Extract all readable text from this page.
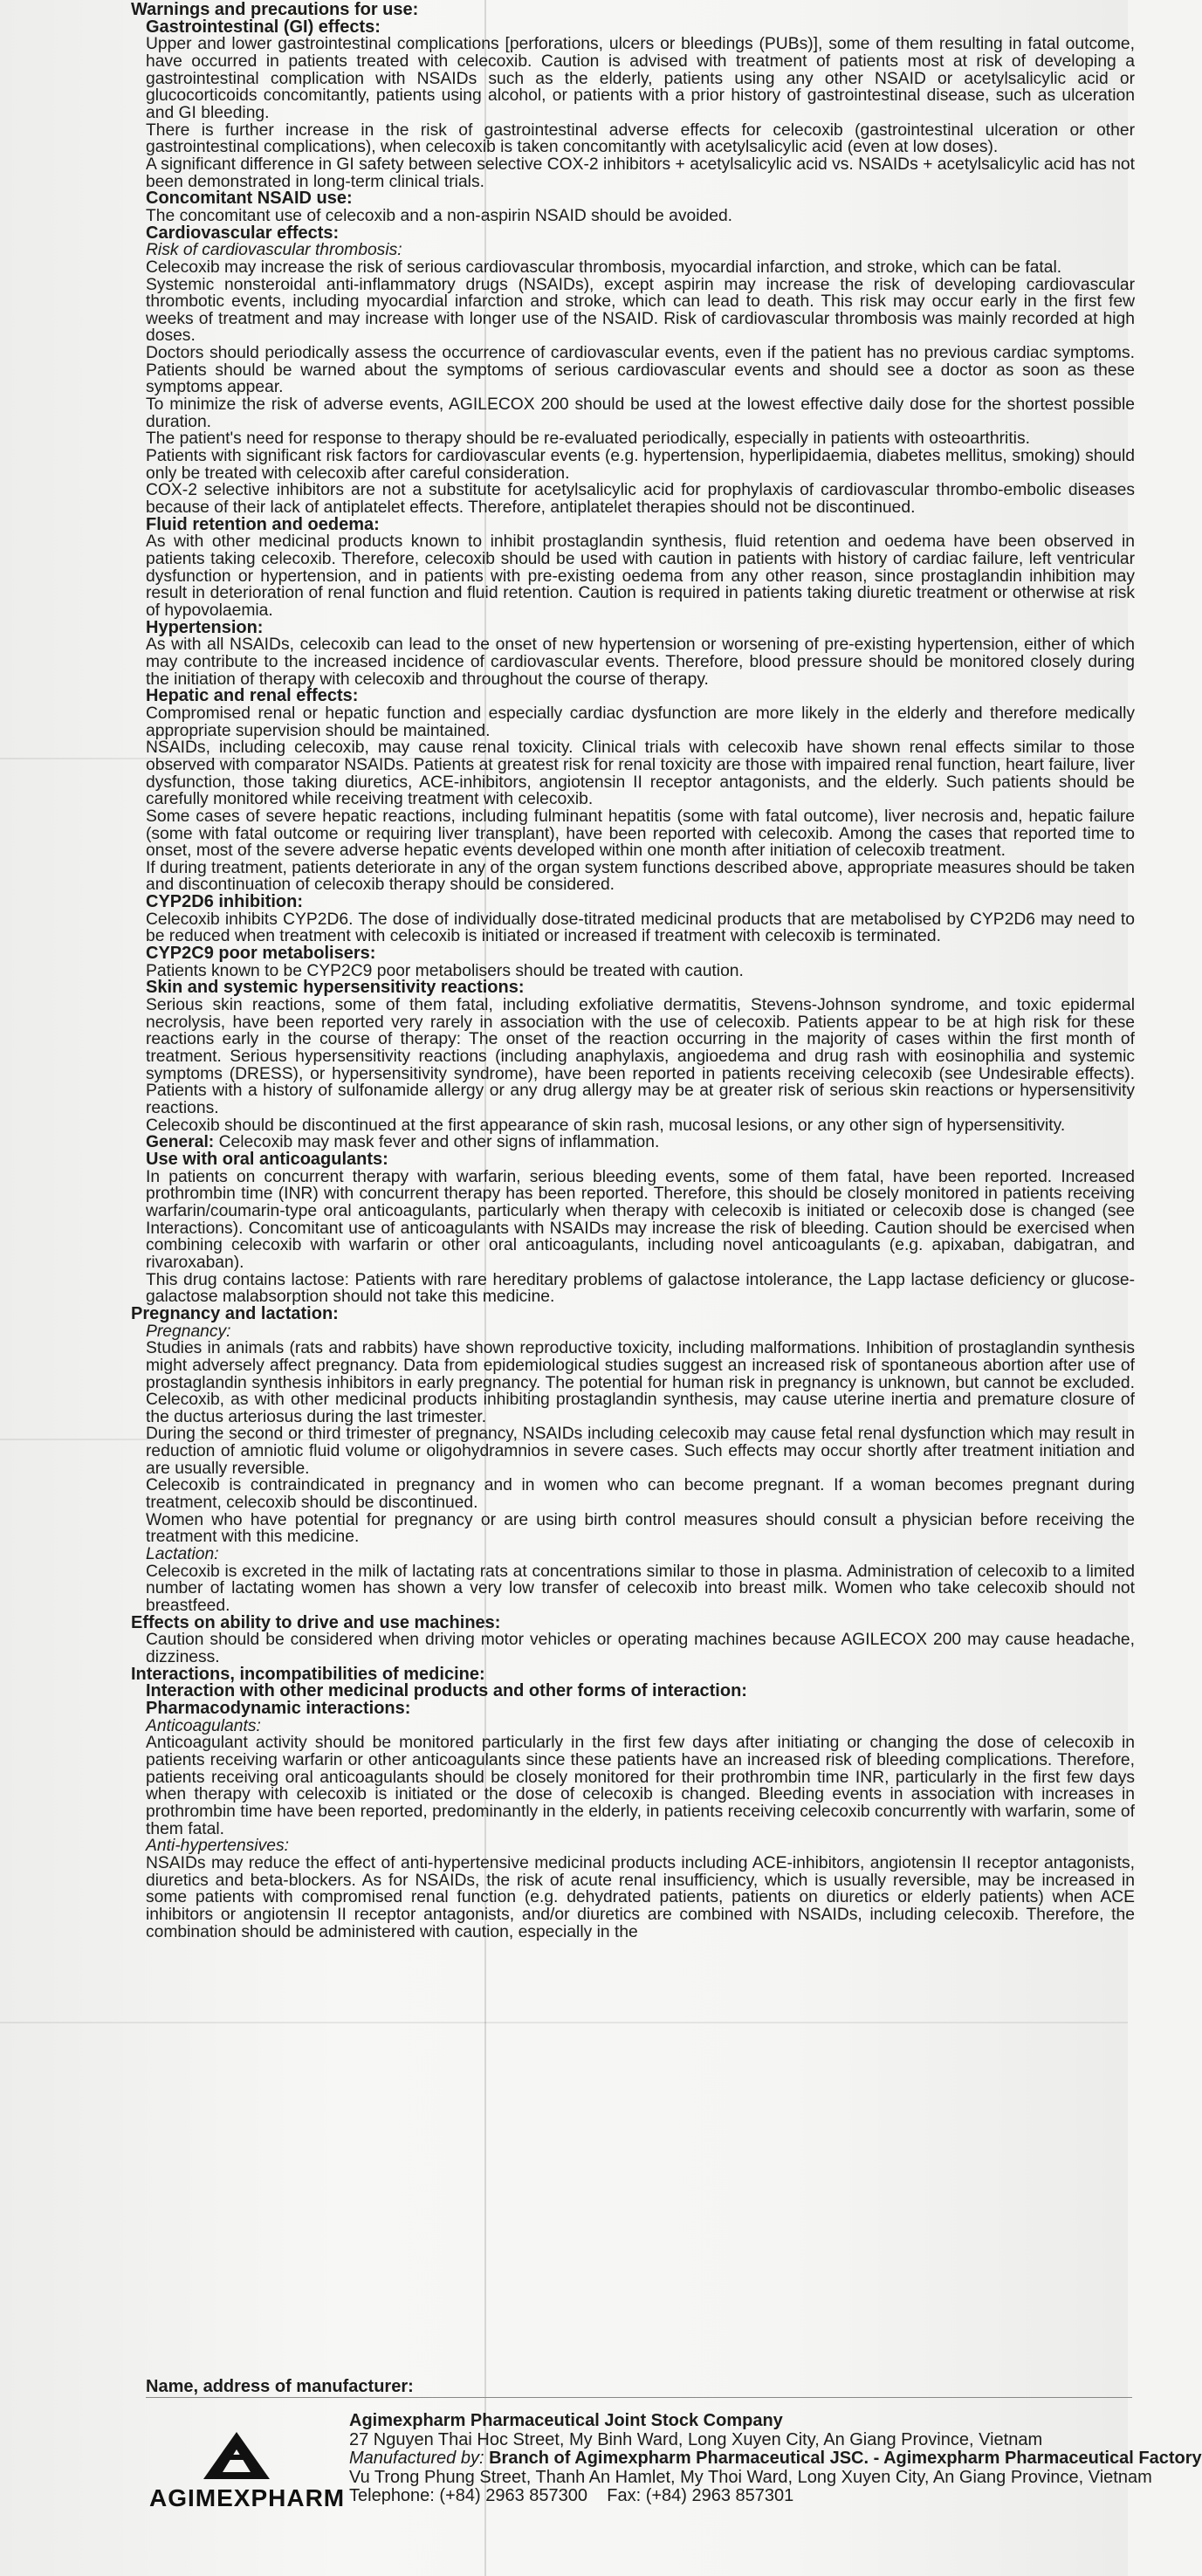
Warnings and precautions for use:

Gastrointestinal (GI) effects:

Upper and lower gastrointestinal complications [perforations, ulcers or bleedings (PUBs)], some of them resulting in fatal outcome, have occurred in patients treated with celecoxib. Caution is advised with treatment of patients most at risk of developing a gastrointestinal complication with NSAIDs such as the elderly, patients using any other NSAID or acetylsalicylic acid or glucocorticoids concomitantly, patients using alcohol, or patients with a prior history of gastrointestinal disease, such as ulceration and GI bleeding.

There is further increase in the risk of gastrointestinal adverse effects for celecoxib (gastrointestinal ulceration or other gastrointestinal complications), when celecoxib is taken concomitantly with acetylsalicylic acid (even at low doses).

A significant difference in GI safety between selective COX-2 inhibitors + acetylsalicylic acid vs. NSAIDs + acetylsalicylic acid has not been demonstrated in long-term clinical trials.

Concomitant NSAID use:

The concomitant use of celecoxib and a non-aspirin NSAID should be avoided.

Cardiovascular effects:

Risk of cardiovascular thrombosis:

Celecoxib may increase the risk of serious cardiovascular thrombosis, myocardial infarction, and stroke, which can be fatal.

Systemic nonsteroidal anti-inflammatory drugs (NSAIDs), except aspirin may increase the risk of developing cardiovascular thrombotic events, including myocardial infarction and stroke, which can lead to death. This risk may occur early in the first few weeks of treatment and may increase with longer use of the NSAID. Risk of cardiovascular thrombosis was mainly recorded at high doses.

Doctors should periodically assess the occurrence of cardiovascular events, even if the patient has no previous cardiac symptoms. Patients should be warned about the symptoms of serious cardiovascular events and should see a doctor as soon as these symptoms appear.

To minimize the risk of adverse events, AGILECOX 200 should be used at the lowest effective daily dose for the shortest possible duration.

The patient's need for response to therapy should be re-evaluated periodically, especially in patients with osteoarthritis.

Patients with significant risk factors for cardiovascular events (e.g. hypertension, hyperlipidaemia, diabetes mellitus, smoking) should only be treated with celecoxib after careful consideration.

COX-2 selective inhibitors are not a substitute for acetylsalicylic acid for prophylaxis of cardiovascular thrombo-embolic diseases because of their lack of antiplatelet effects. Therefore, antiplatelet therapies should not be discontinued.

Fluid retention and oedema:

As with other medicinal products known to inhibit prostaglandin synthesis, fluid retention and oedema have been observed in patients taking celecoxib. Therefore, celecoxib should be used with caution in patients with history of cardiac failure, left ventricular dysfunction or hypertension, and in patients with pre-existing oedema from any other reason, since prostaglandin inhibition may result in deterioration of renal function and fluid retention. Caution is required in patients taking diuretic treatment or otherwise at risk of hypovolaemia.

Hypertension:

As with all NSAIDs, celecoxib can lead to the onset of new hypertension or worsening of pre-existing hypertension, either of which may contribute to the increased incidence of cardiovascular events. Therefore, blood pressure should be monitored closely during the initiation of therapy with celecoxib and throughout the course of therapy.

Hepatic and renal effects:

Compromised renal or hepatic function and especially cardiac dysfunction are more likely in the elderly and therefore medically appropriate supervision should be maintained.

NSAIDs, including celecoxib, may cause renal toxicity. Clinical trials with celecoxib have shown renal effects similar to those observed with comparator NSAIDs. Patients at greatest risk for renal toxicity are those with impaired renal function, heart failure, liver dysfunction, those taking diuretics, ACE-inhibitors, angiotensin II receptor antagonists, and the elderly. Such patients should be carefully monitored while receiving treatment with celecoxib.

Some cases of severe hepatic reactions, including fulminant hepatitis (some with fatal outcome), liver necrosis and, hepatic failure (some with fatal outcome or requiring liver transplant), have been reported with celecoxib. Among the cases that reported time to onset, most of the severe adverse hepatic events developed within one month after initiation of celecoxib treatment.

If during treatment, patients deteriorate in any of the organ system functions described above, appropriate measures should be taken and discontinuation of celecoxib therapy should be considered.

CYP2D6 inhibition:

Celecoxib inhibits CYP2D6. The dose of individually dose-titrated medicinal products that are metabolised by CYP2D6 may need to be reduced when treatment with celecoxib is initiated or increased if treatment with celecoxib is terminated.

CYP2C9 poor metabolisers:

Patients known to be CYP2C9 poor metabolisers should be treated with caution.

Skin and systemic hypersensitivity reactions:

Serious skin reactions, some of them fatal, including exfoliative dermatitis, Stevens-Johnson syndrome, and toxic epidermal necrolysis, have been reported very rarely in association with the use of celecoxib. Patients appear to be at high risk for these reactions early in the course of therapy: The onset of the reaction occurring in the majority of cases within the first month of treatment. Serious hypersensitivity reactions (including anaphylaxis, angioedema and drug rash with eosinophilia and systemic symptoms (DRESS), or hypersensitivity syndrome), have been reported in patients receiving celecoxib (see Undesirable effects). Patients with a history of sulfonamide allergy or any drug allergy may be at greater risk of serious skin reactions or hypersensitivity reactions.

Celecoxib should be discontinued at the first appearance of skin rash, mucosal lesions, or any other sign of hypersensitivity.

General: Celecoxib may mask fever and other signs of inflammation.

Use with oral anticoagulants:

In patients on concurrent therapy with warfarin, serious bleeding events, some of them fatal, have been reported. Increased prothrombin time (INR) with concurrent therapy has been reported. Therefore, this should be closely monitored in patients receiving warfarin/coumarin-type oral anticoagulants, particularly when therapy with celecoxib is initiated or celecoxib dose is changed (see Interactions). Concomitant use of anticoagulants with NSAIDs may increase the risk of bleeding. Caution should be exercised when combining celecoxib with warfarin or other oral anticoagulants, including novel anticoagulants (e.g. apixaban, dabigatran, and rivaroxaban).

This drug contains lactose: Patients with rare hereditary problems of galactose intolerance, the Lapp lactase deficiency or glucose-galactose malabsorption should not take this medicine.

Pregnancy and lactation:

Pregnancy:

Studies in animals (rats and rabbits) have shown reproductive toxicity, including malformations. Inhibition of prostaglandin synthesis might adversely affect pregnancy. Data from epidemiological studies suggest an increased risk of spontaneous abortion after use of prostaglandin synthesis inhibitors in early pregnancy. The potential for human risk in pregnancy is unknown, but cannot be excluded. Celecoxib, as with other medicinal products inhibiting prostaglandin synthesis, may cause uterine inertia and premature closure of the ductus arteriosus during the last trimester.

During the second or third trimester of pregnancy, NSAIDs including celecoxib may cause fetal renal dysfunction which may result in reduction of amniotic fluid volume or oligohydramnios in severe cases. Such effects may occur shortly after treatment initiation and are usually reversible.

Celecoxib is contraindicated in pregnancy and in women who can become pregnant. If a woman becomes pregnant during treatment, celecoxib should be discontinued.

Women who have potential for pregnancy or are using birth control measures should consult a physician before receiving the treatment with this medicine.

Lactation:

Celecoxib is excreted in the milk of lactating rats at concentrations similar to those in plasma. Administration of celecoxib to a limited number of lactating women has shown a very low transfer of celecoxib into breast milk. Women who take celecoxib should not breastfeed.

Effects on ability to drive and use machines:

Caution should be considered when driving motor vehicles or operating machines because AGILECOX 200 may cause headache, dizziness.

Interactions, incompatibilities of medicine:

Interaction with other medicinal products and other forms of interaction:

Pharmacodynamic interactions:

Anticoagulants:

Anticoagulant activity should be monitored particularly in the first few days after initiating or changing the dose of celecoxib in patients receiving warfarin or other anticoagulants since these patients have an increased risk of bleeding complications. Therefore, patients receiving oral anticoagulants should be closely monitored for their prothrombin time INR, particularly in the first few days when therapy with celecoxib is initiated or the dose of celecoxib is changed. Bleeding events in association with increases in prothrombin time have been reported, predominantly in the elderly, in patients receiving celecoxib concurrently with warfarin, some of them fatal.

Anti-hypertensives:

NSAIDs may reduce the effect of anti-hypertensive medicinal products including ACE-inhibitors, angiotensin II receptor antagonists, diuretics and beta-blockers. As for NSAIDs, the risk of acute renal insufficiency, which is usually reversible, may be increased in some patients with compromised renal function (e.g. dehydrated patients, patients on diuretics or elderly patients) when ACE inhibitors or angiotensin II receptor antagonists, and/or diuretics are combined with NSAIDs, including celecoxib. Therefore, the combination should be administered with caution, especially in the

Name, address of manufacturer:

AGIMEXPHARM

Agimexpharm Pharmaceutical Joint Stock Company

27 Nguyen Thai Hoc Street, My Binh Ward, Long Xuyen City, An Giang Province, Vietnam

Manufactured by: Branch of Agimexpharm Pharmaceutical JSC. - Agimexpharm Pharmaceutical Factory

Vu Trong Phung Street, Thanh An Hamlet, My Thoi Ward, Long Xuyen City, An Giang Province, Vietnam

Telephone: (+84) 2963 857300 Fax: (+84) 2963 857301
